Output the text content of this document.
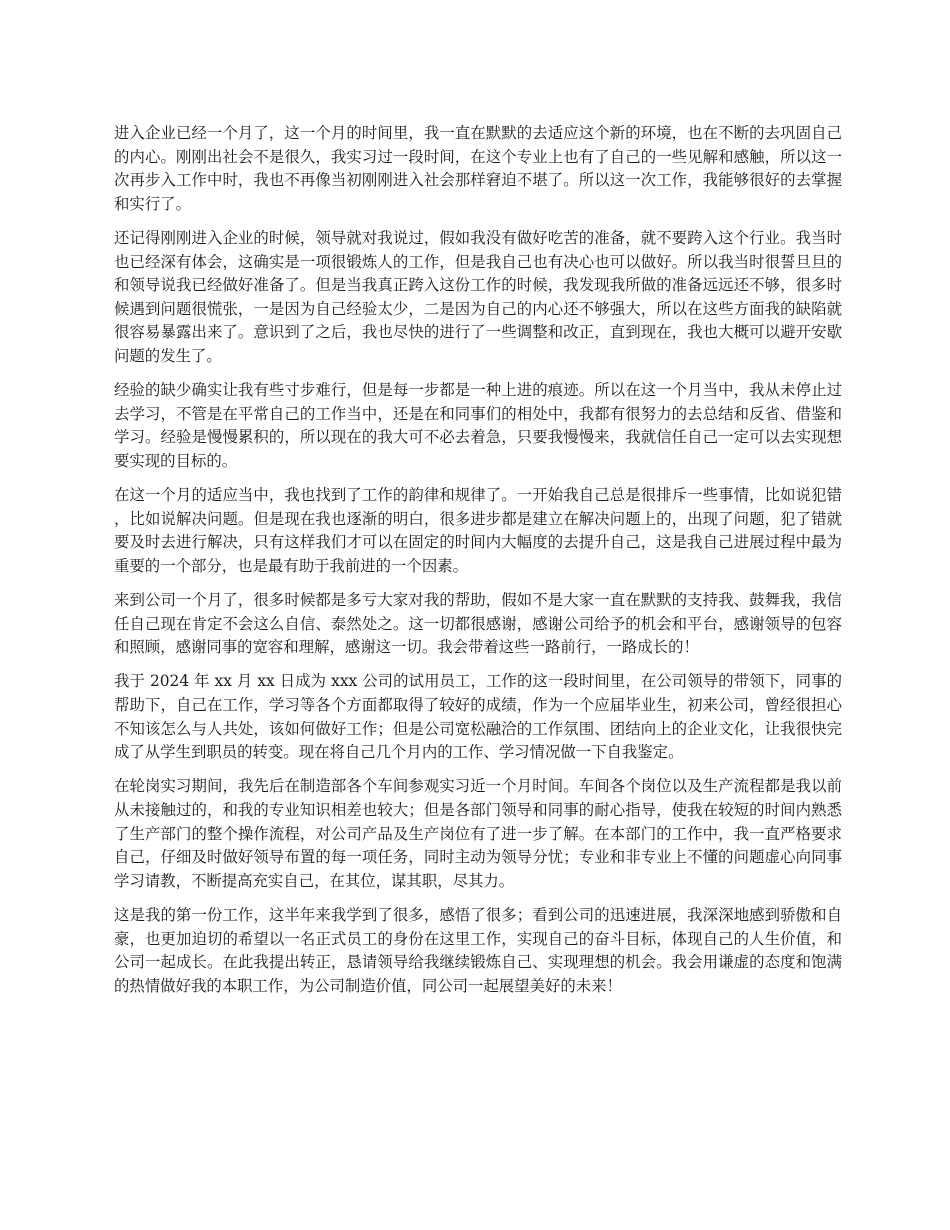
进入企业已经一个月了，这一个月的时间里，我一直在默默的去适应这个新的环境，也在不断的去巩固自己的内心。刚刚出社会不是很久，我实习过一段时间，在这个专业上也有了自己的一些见解和感触，所以这一次再步入工作中时，我也不再像当初刚刚进入社会那样窘迫不堪了。所以这一次工作，我能够很好的去掌握和实行了。

还记得刚刚进入企业的时候，领导就对我说过，假如我没有做好吃苦的准备，就不要跨入这个行业。我当时也已经深有体会，这确实是一项很锻炼人的工作，但是我自己也有决心也可以做好。所以我当时很誓旦旦的和领导说我已经做好准备了。但是当我真正跨入这份工作的时候，我发现我所做的准备远远还不够，很多时候遇到问题很慌张，一是因为自己经验太少，二是因为自己的内心还不够强大，所以在这些方面我的缺陷就很容易暴露出来了。意识到了之后，我也尽快的进行了一些调整和改正，直到现在，我也大概可以避开安歇问题的发生了。

经验的缺少确实让我有些寸步难行，但是每一步都是一种上进的痕迹。所以在这一个月当中，我从未停止过去学习，不管是在平常自己的工作当中，还是在和同事们的相处中，我都有很努力的去总结和反省、借鉴和学习。经验是慢慢累积的，所以现在的我大可不必去着急，只要我慢慢来，我就信任自己一定可以去实现想要实现的目标的。

在这一个月的适应当中，我也找到了工作的韵律和规律了。一开始我自己总是很排斥一些事情，比如说犯错，比如说解决问题。但是现在我也逐渐的明白，很多进步都是建立在解决问题上的，出现了问题，犯了错就要及时去进行解决，只有这样我们才可以在固定的时间内大幅度的去提升自己，这是我自己进展过程中最为重要的一个部分，也是最有助于我前进的一个因素。

来到公司一个月了，很多时候都是多亏大家对我的帮助，假如不是大家一直在默默的支持我、鼓舞我，我信任自己现在肯定不会这么自信、泰然处之。这一切都很感谢，感谢公司给予的机会和平台，感谢领导的包容和照顾，感谢同事的宽容和理解，感谢这一切。我会带着这些一路前行，一路成长的！

我于 2024 年 xx 月 xx 日成为 xxx 公司的试用员工，工作的这一段时间里，在公司领导的带领下，同事的帮助下，自己在工作，学习等各个方面都取得了较好的成绩，作为一个应届毕业生，初来公司，曾经很担心不知该怎么与人共处，该如何做好工作；但是公司宽松融洽的工作氛围、团结向上的企业文化，让我很快完成了从学生到职员的转变。现在将自己几个月内的工作、学习情况做一下自我鉴定。

在轮岗实习期间，我先后在制造部各个车间参观实习近一个月时间。车间各个岗位以及生产流程都是我以前从未接触过的，和我的专业知识相差也较大；但是各部门领导和同事的耐心指导，使我在较短的时间内熟悉了生产部门的整个操作流程，对公司产品及生产岗位有了进一步了解。在本部门的工作中，我一直严格要求自己，仔细及时做好领导布置的每一项任务，同时主动为领导分忧；专业和非专业上不懂的问题虚心向同事学习请教，不断提高充实自己，在其位，谋其职，尽其力。

这是我的第一份工作，这半年来我学到了很多，感悟了很多；看到公司的迅速进展，我深深地感到骄傲和自豪，也更加迫切的希望以一名正式员工的身份在这里工作，实现自己的奋斗目标，体现自己的人生价值，和公司一起成长。在此我提出转正，恳请领导给我继续锻炼自己、实现理想的机会。我会用谦虚的态度和饱满的热情做好我的本职工作，为公司制造价值，同公司一起展望美好的未来！
